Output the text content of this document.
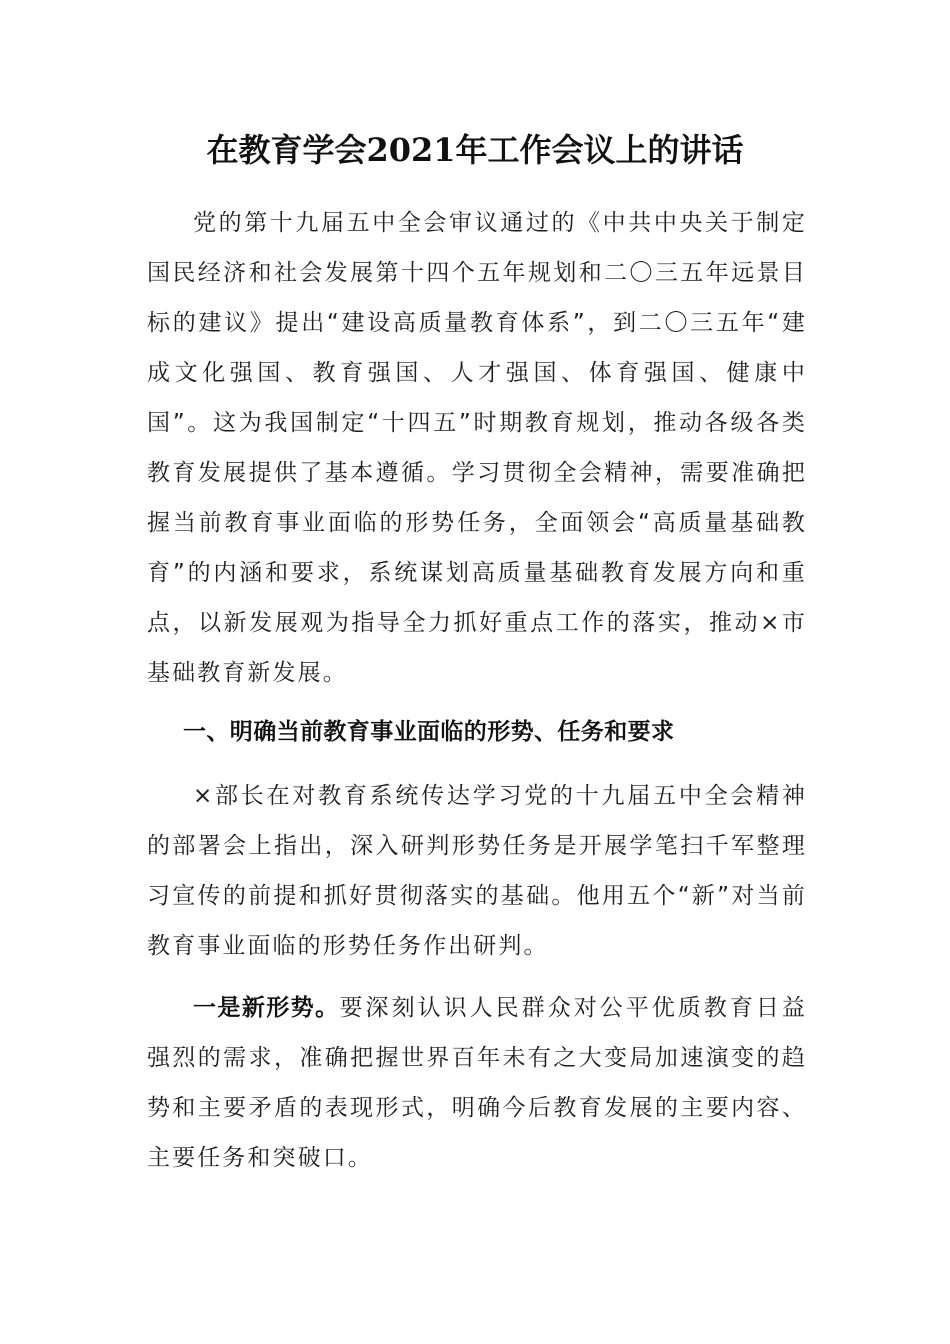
在教育学会2021年工作会议上的讲话

党的第十九届五中全会审议通过的《中共中央关于制定国民经济和社会发展第十四个五年规划和二〇三五年远景目标的建议》提出“建设高质量教育体系”，到二〇三五年“建成文化强国、教育强国、人才强国、体育强国、健康中国”。这为我国制定“十四五”时期教育规划，推动各级各类教育发展提供了基本遵循。学习贯彻全会精神，需要准确把握当前教育事业面临的形势任务，全面领会“高质量基础教育”的内涵和要求，系统谋划高质量基础教育发展方向和重点，以新发展观为指导全力抓好重点工作的落实，推动×市基础教育新发展。

一、明确当前教育事业面临的形势、任务和要求

×部长在对教育系统传达学习党的十九届五中全会精神的部署会上指出，深入研判形势任务是开展学笔扫千军整理习宣传的前提和抓好贯彻落实的基础。他用五个“新”对当前教育事业面临的形势任务作出研判。

一是新形势。要深刻认识人民群众对公平优质教育日益强烈的需求，准确把握世界百年未有之大变局加速演变的趋势和主要矛盾的表现形式，明确今后教育发展的主要内容、主要任务和突破口。
